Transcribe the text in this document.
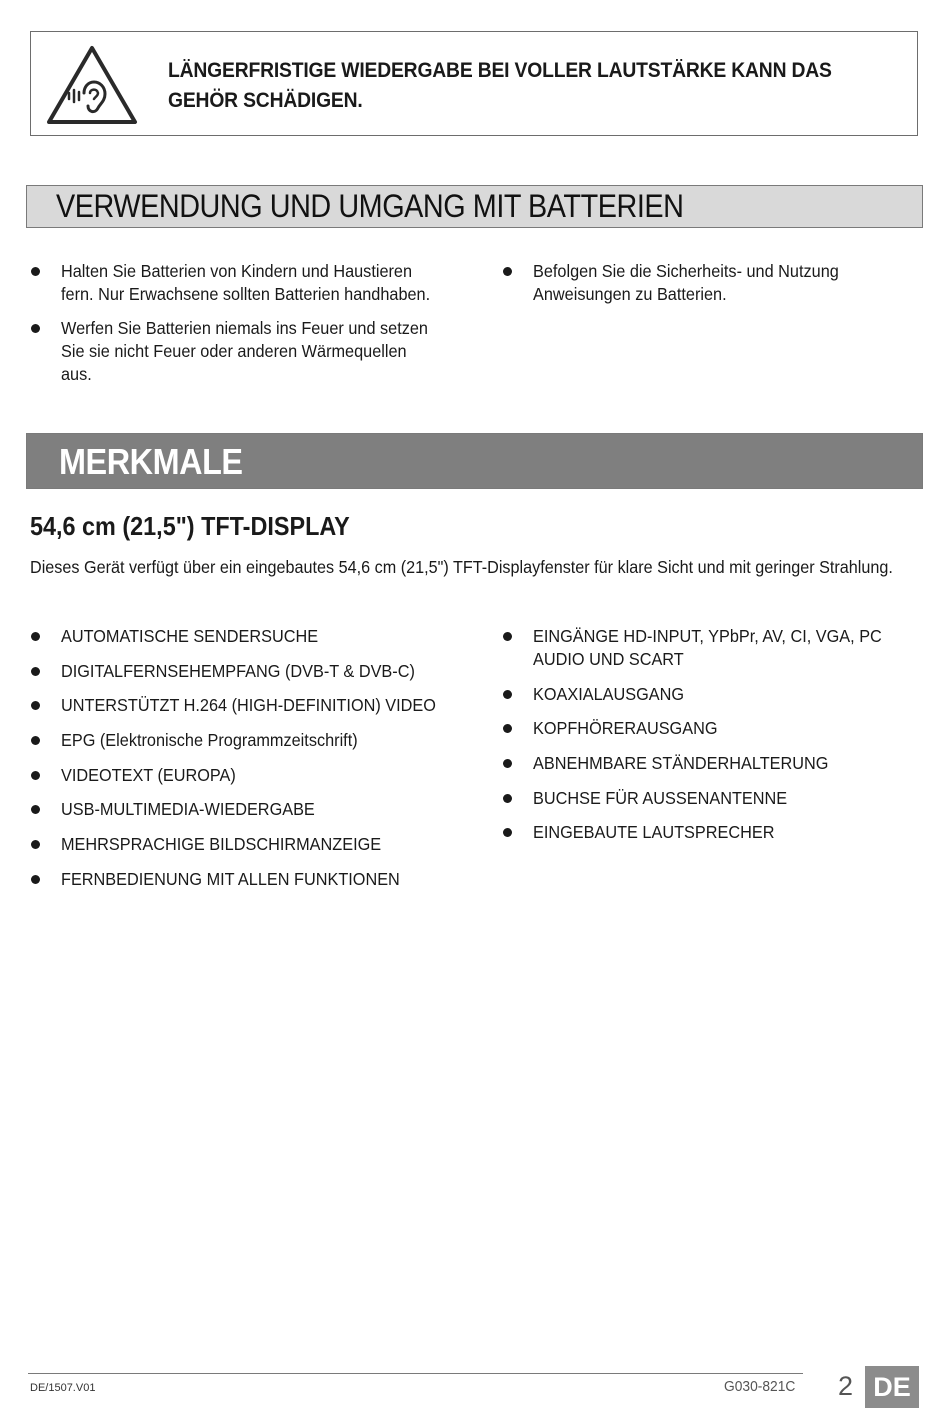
LÄNGERFRISTIGE WIEDERGABE BEI VOLLER LAUTSTÄRKE KANN DAS
GEHÖR SCHÄDIGEN.
VERWENDUNG UND UMGANG MIT BATTERIEN
Halten Sie Batterien von Kindern und Haustieren
fern. Nur Erwachsene sollten Batterien handhaben.
Werfen Sie Batterien niemals ins Feuer und setzen
Sie sie nicht Feuer oder anderen Wärmequellen aus.
Befolgen Sie die Sicherheits- und Nutzung
Anweisungen zu Batterien.
MERKMALE
54,6 cm (21,5") TFT-DISPLAY
Dieses Gerät verfügt über ein eingebautes 54,6 cm (21,5") TFT-Displayfenster für klare Sicht und mit geringer Strahlung.
AUTOMATISCHE SENDERSUCHE
DIGITALFERNSEHEMPFANG (DVB-T & DVB-C)
UNTERSTÜTZT H.264 (HIGH-DEFINITION) VIDEO
EPG (Elektronische Programmzeitschrift)
VIDEOTEXT (EUROPA)
USB-MULTIMEDIA-WIEDERGABE
MEHRSPRACHIGE BILDSCHIRMANZEIGE
FERNBEDIENUNG MIT ALLEN FUNKTIONEN
EINGÄNGE HD-INPUT, YPbPr, AV, CI, VGA, PC
AUDIO UND SCART
KOAXIALAUSGANG
KOPFHÖRERAUSGANG
ABNEHMBARE STÄNDERHALTERUNG
BUCHSE FÜR AUSSENANTENNE
EINGEBAUTE LAUTSPRECHER
DE/1507.V01	G030-821C 2 DE
